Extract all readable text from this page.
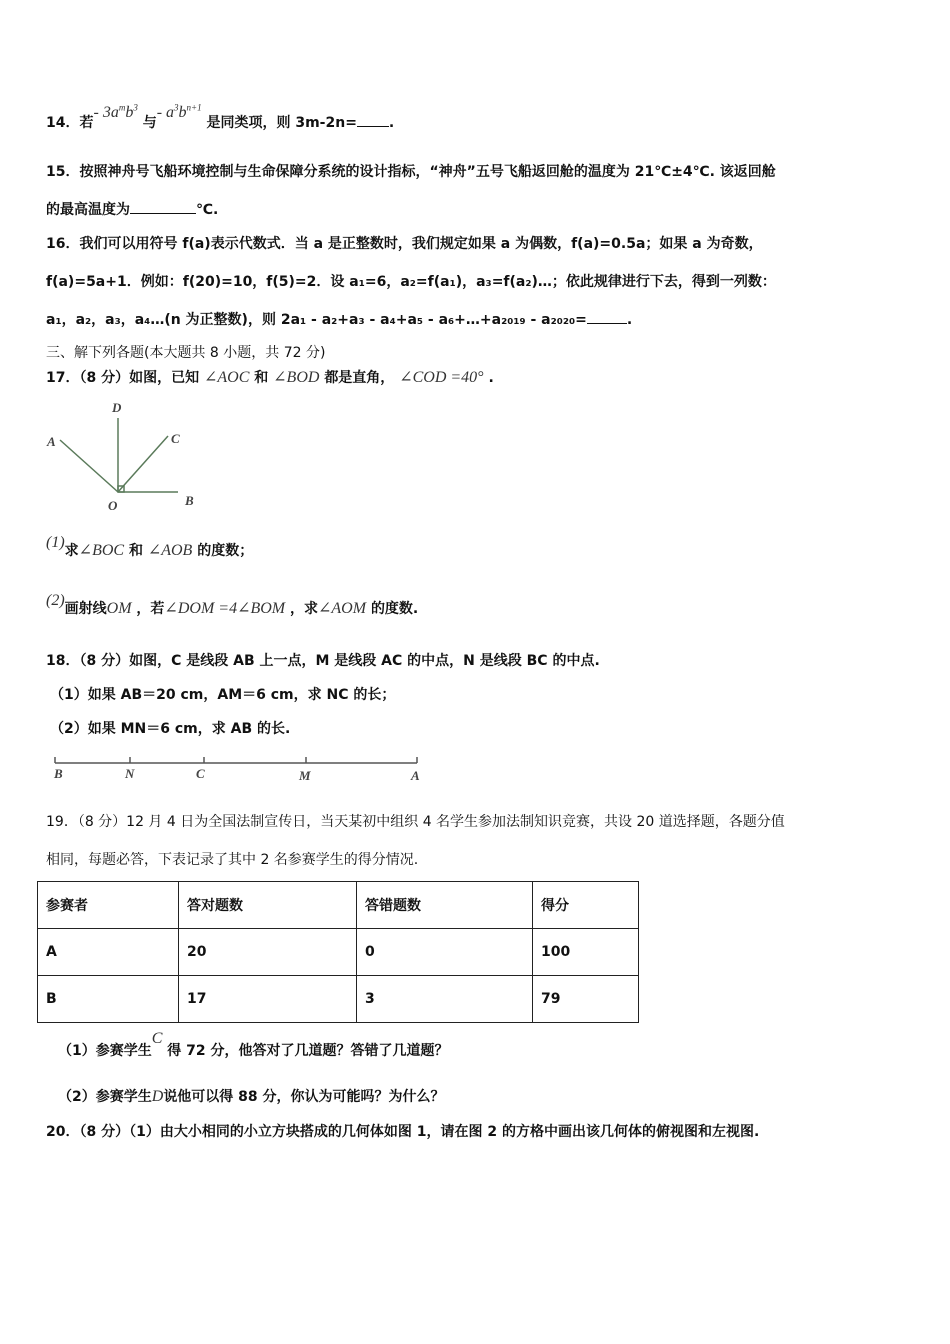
14．若- $3a^mb^3$ 与- $a^3b^{n+1}$ 是同类项，则 3m-2n= .
15．按照神舟号飞船环境控制与生命保障分系统的设计指标，“神舟”五号飞船返回舱的温度为 21℃±4℃. 该返回舱
的最高温度为	℃.
16．我们可以用符号 f(a)表示代数式．当 a 是正整数时，我们规定如果 a 为偶数，f(a)=0.5a；如果 a 为奇数，
f(a)=5a+1．例如：f(20)=10，f(5)=2．设 a₁=6，a₂=f(a₁)，a₃=f(a₂)…；依此规律进行下去，得到一列数：
a₁，a₂，a₃，a₄…(n 为正整数)，则 2a₁ - a₂+a₃ - a₄+a₅ - a₆+…+a₂₀₁₉ - a₂₀₂₀=	.
三、解下列各题(本大题共 8 小题，共 72 分)
17．（8 分）如图，已知 ∠AOC 和 ∠BOD 都是直角， ∠COD =40° .
D
A	C
O	B
(1)求∠BOC 和 ∠AOB 的度数；
(2)画射线OM ，若∠DOM =4∠BOM ，求∠AOM 的度数.
18．（8 分）如图，C 是线段 AB 上一点，M 是线段 AC 的中点，N 是线段 BC 的中点.
（1）如果 AB＝20 cm，AM＝6 cm，求 NC 的长；
（2）如果 MN＝6 cm，求 AB 的长.
B	N	C	M	A
19．（8 分）12 月 4 日为全国法制宣传日，当天某初中组织 4 名学生参加法制知识竞赛，共设 20 道选择题，各题分值
相同，每题必答，下表记录了其中 2 名参赛学生的得分情况.
参赛者	答对题数	答错题数	得分
A	20	0	100
B	17	3	79
（1）参赛学生C 得 72 分，他答对了几道题？答错了几道题？
（2）参赛学生D说他可以得 88 分，你认为可能吗？为什么？
20．（8 分）（1）由大小相同的小立方块搭成的几何体如图 1，请在图 2 的方格中画出该几何体的俯视图和左视图.
